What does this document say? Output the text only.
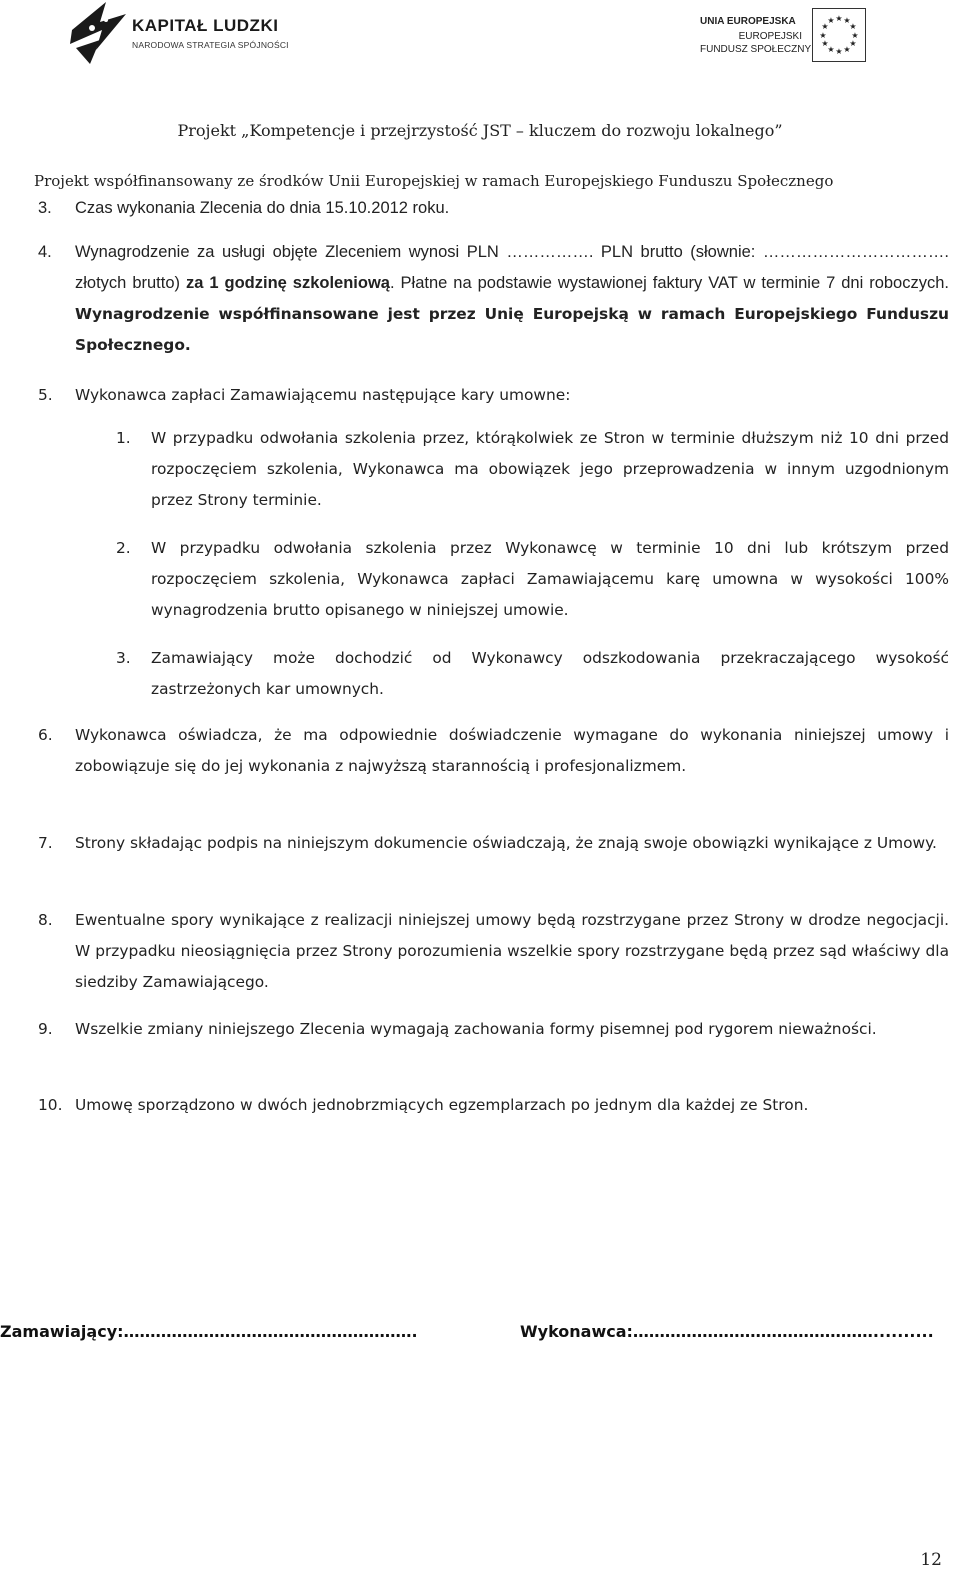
KAPITAŁ LUDZKI
NARODOWA STRATEGIA SPÓJNOŚCI
UNIA EUROPEJSKA
EUROPEJSKI
FUNDUSZ SPOŁECZNY
★ ★
★
★
★
★
★
★
★
★
★
★
Projekt „Kompetencje i przejrzystość JST – kluczem do rozwoju lokalnego”
Projekt współfinansowany ze środków Unii Europejskiej w ramach Europejskiego Funduszu Społecznego
3. Czas wykonania Zlecenia do dnia 15.10.2012 roku.
4. Wynagrodzenie za usługi objęte Zleceniem wynosi PLN ……………. PLN brutto (słownie: ……………………………. złotych brutto) za 1 godzinę szkoleniową. Płatne na podstawie wystawionej faktury VAT w terminie 7 dni roboczych. Wynagrodzenie współfinansowane jest przez Unię Europejską w ramach Europejskiego Funduszu Społecznego.
5. Wykonawca zapłaci Zamawiającemu następujące kary umowne:
1. W przypadku odwołania szkolenia przez, którąkolwiek ze Stron w terminie dłuższym niż 10 dni przed rozpoczęciem szkolenia, Wykonawca ma obowiązek jego przeprowadzenia w innym uzgodnionym przez Strony terminie.
2. W przypadku odwołania szkolenia przez Wykonawcę w terminie 10 dni lub krótszym przed rozpoczęciem szkolenia, Wykonawca zapłaci Zamawiającemu karę umowna w wysokości 100% wynagrodzenia brutto opisanego w niniejszej umowie.
3. Zamawiający może dochodzić od Wykonawcy odszkodowania przekraczającego wysokość zastrzeżonych kar umownych.
6. Wykonawca oświadcza, że ma odpowiednie doświadczenie wymagane do wykonania niniejszej umowy i zobowiązuje się do jej wykonania z najwyższą starannością i profesjonalizmem.
7. Strony składając podpis na niniejszym dokumencie oświadczają, że znają swoje obowiązki wynikające z Umowy.
8. Ewentualne spory wynikające z realizacji niniejszej umowy będą rozstrzygane przez Strony w drodze negocjacji. W przypadku nieosiągnięcia przez Strony porozumienia wszelkie spory rozstrzygane będą przez sąd właściwy dla siedziby Zamawiającego.
9. Wszelkie zmiany niniejszego Zlecenia wymagają zachowania formy pisemnej pod rygorem nieważności.
10. Umowę sporządzono w dwóch jednobrzmiących egzemplarzach po jednym dla każdej ze Stron.
Zamawiający:……………………………………………….	Wykonawca:………………………………………..........
12
